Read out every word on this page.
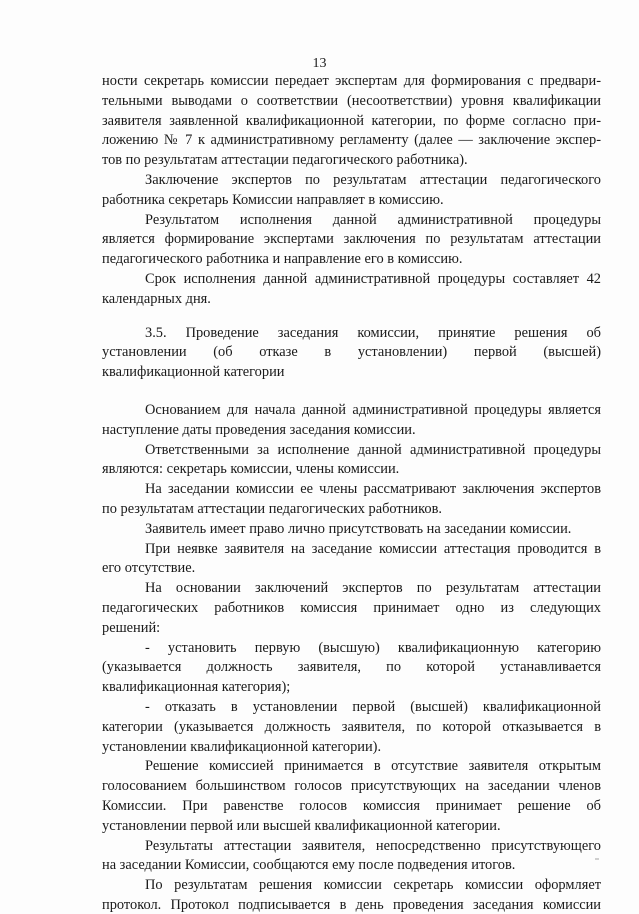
13
ности секретарь комиссии передает экспертам для формирования с предвари-
тельными выводами о соответствии (несоответствии) уровня квалификации
заявителя заявленной квалификационной категории, по форме согласно при-
ложению № 7 к административному регламенту (далее — заключение экспер-
тов по результатам аттестации педагогического работника).
Заключение экспертов по результатам аттестации педагогического
работника секретарь Комиссии направляет в комиссию.
Результатом исполнения данной административной процедуры
является формирование экспертами заключения по результатам аттестации
педагогического работника и направление его в комиссию.
Срок исполнения данной административной процедуры составляет 42
календарных дня.
3.5. Проведение заседания комиссии, принятие решения об
установлении (об отказе в установлении) первой (высшей)
квалификационной категории
Основанием для начала данной административной процедуры является
наступление даты проведения заседания комиссии.
Ответственными за исполнение данной административной процедуры
являются: секретарь комиссии, члены комиссии.
На заседании комиссии ее члены рассматривают заключения экспертов
по результатам аттестации педагогических работников.
Заявитель имеет право лично присутствовать на заседании комиссии.
При неявке заявителя на заседание комиссии аттестация проводится в
его отсутствие.
На основании заключений экспертов по результатам аттестации
педагогических работников комиссия принимает одно из следующих
решений:
- установить первую (высшую) квалификационную категорию
(указывается должность заявителя, по которой устанавливается
квалификационная категория);
- отказать в установлении первой (высшей) квалификационной
категории (указывается должность заявителя, по которой отказывается в
установлении квалификационной категории).
Решение комиссией принимается в отсутствие заявителя открытым
голосованием большинством голосов присутствующих на заседании членов
Комиссии. При равенстве голосов комиссия принимает решение об
установлении первой или высшей квалификационной категории.
Результаты аттестации заявителя, непосредственно присутствующего
на заседании Комиссии, сообщаются ему после подведения итогов.
По результатам решения комиссии секретарь комиссии оформляет
протокол. Протокол подписывается в день проведения заседания комиссии
